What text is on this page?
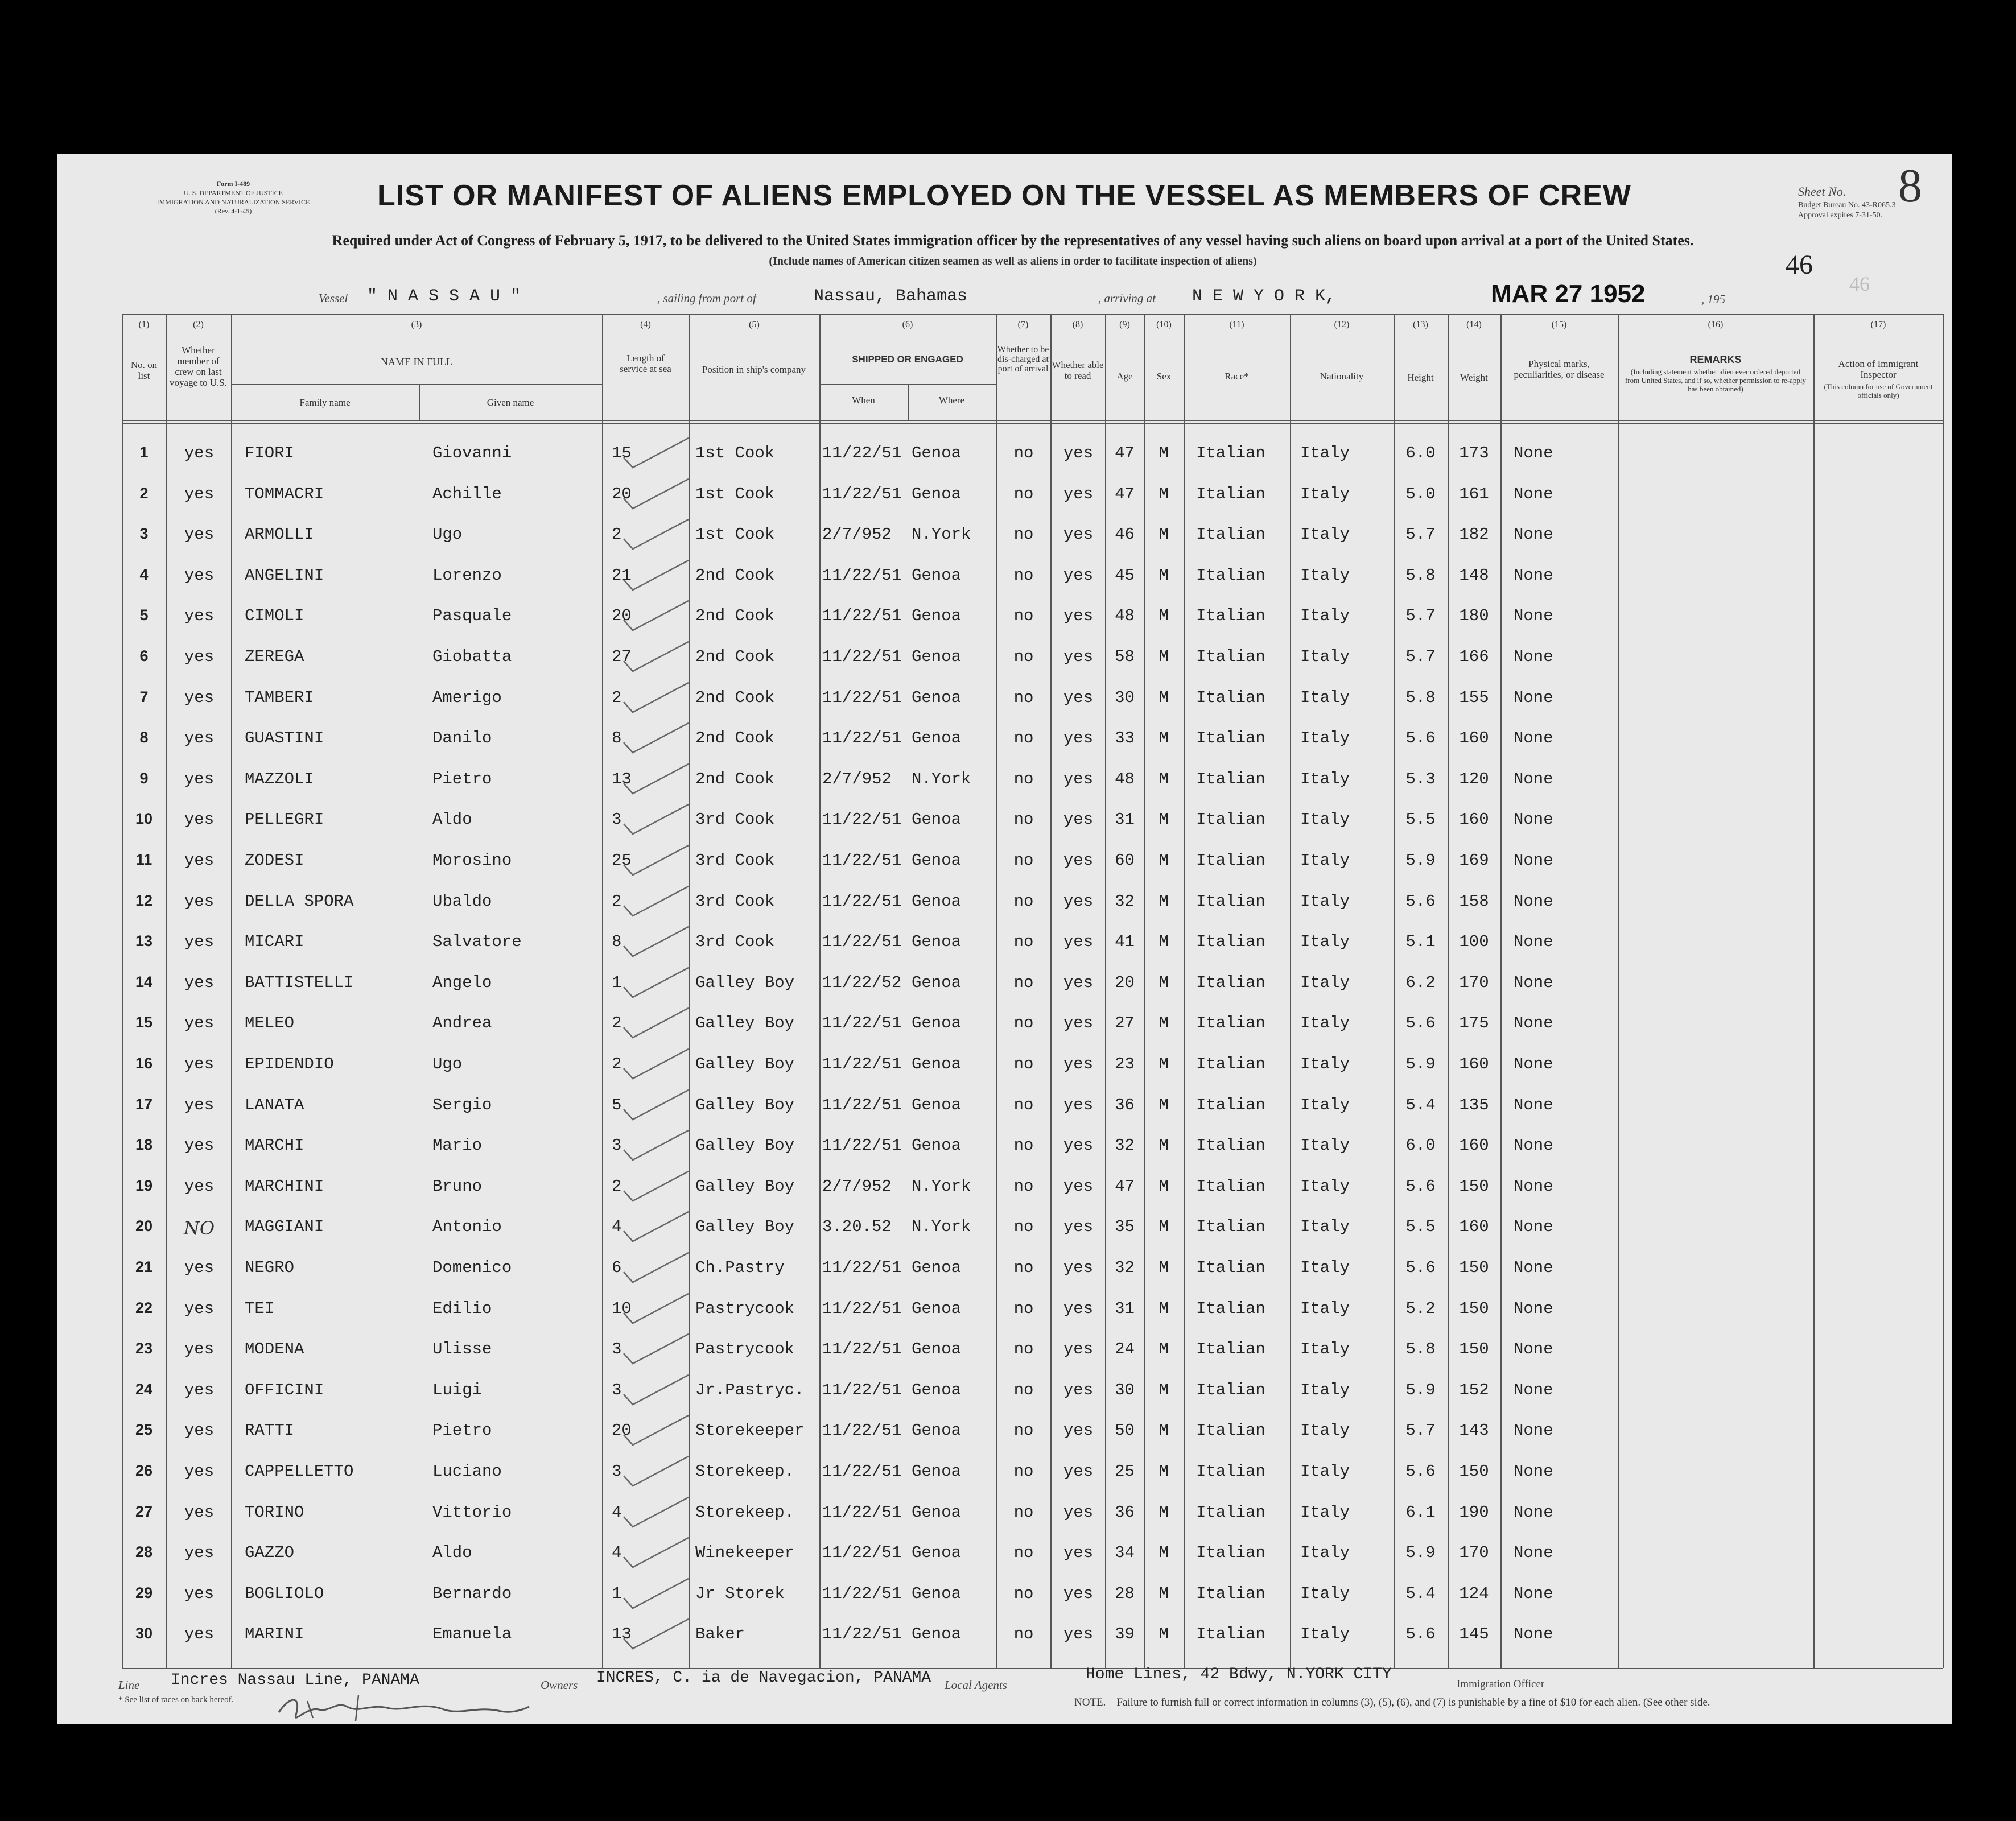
Form I-489
U. S. DEPARTMENT OF JUSTICE
IMMIGRATION AND NATURALIZATION SERVICE
(Rev. 4-1-45)	LIST OR MANIFEST OF ALIENS EMPLOYED ON THE VESSEL AS MEMBERS OF CREW
Required under Act of Congress of February 5, 1917, to be delivered to the United States immigration officer by the representatives of any vessel having such aliens on board upon arrival at a port of the United States.
(Include names of American citizen seamen as well as aliens in order to facilitate inspection of aliens)
Sheet No. 8
Budget Bureau No. 43-R065.3
Approval expires 7-31-50.
46
46
Vessel " N A S S A U "	, sailing from port of	Nassau, Bahamas	, arriving at N E W Y O R K,	MAR 27 1952	, 195
(1)	(2)	(3)	(4)	(5)	(6)	(7)	(8)	(9)	(10)	(11)	(12)	(13)	(14)	(15)	(16)	(17)
No. on list
Whether member of crew on last voyage to U.S.
NAME IN FULL
Family name	Given name
Length of service at sea	Position in ship's company
SHIPPED OR ENGAGED
When	Where
Whether to be dis-charged at port of arrival Whether able to read	Age	Sex	Race*	Nationality	Height	Weight
Physical marks, peculiarities, or disease
REMARKS
(Including statement whether alien ever ordered deported from United States, and if so, whether permission to re-apply has been obtained)
Action of Immigrant Inspector
(This column for use of Government officials only)
1	yes	FIORI	Giovanni	15	1st Cook	11/22/51 Genoa	no	yes	47	M	Italian	Italy	6.0	173	None
2	yes	TOMMACRI	Achille	20	1st Cook	11/22/51 Genoa	no	yes	47	M	Italian	Italy	5.0	161	None
3	yes	ARMOLLI	Ugo	2	1st Cook	2/7/952	N.York	no	yes	46	M	Italian	Italy	5.7	182	None
4	yes	ANGELINI	Lorenzo	21	2nd Cook	11/22/51 Genoa	no	yes	45	M	Italian	Italy	5.8	148	None
5	yes	CIMOLI	Pasquale	20	2nd Cook	11/22/51 Genoa	no	yes	48	M	Italian	Italy	5.7	180	None
6	yes	ZEREGA	Giobatta	27	2nd Cook	11/22/51 Genoa	no	yes	58	M	Italian	Italy	5.7	166	None
7	yes	TAMBERI	Amerigo	2	2nd Cook	11/22/51 Genoa	no	yes	30	M	Italian	Italy	5.8	155	None
8	yes	GUASTINI	Danilo	8	2nd Cook	11/22/51 Genoa	no	yes	33	M	Italian	Italy	5.6	160	None
9	yes	MAZZOLI	Pietro	13	2nd Cook	2/7/952	N.York	no	yes	48	M	Italian	Italy	5.3	120	None
10	yes	PELLEGRI	Aldo	3	3rd Cook	11/22/51 Genoa	no	yes	31	M	Italian	Italy	5.5	160	None
11	yes	ZODESI	Morosino	25	3rd Cook	11/22/51 Genoa	no	yes	60	M	Italian	Italy	5.9	169	None
12	yes	DELLA SPORA	Ubaldo	2	3rd Cook	11/22/51 Genoa	no	yes	32	M	Italian	Italy	5.6	158	None
13	yes	MICARI	Salvatore	8	3rd Cook	11/22/51 Genoa	no	yes	41	M	Italian	Italy	5.1	100	None
14	yes	BATTISTELLI	Angelo	1	Galley Boy	11/22/52 Genoa	no	yes	20	M	Italian	Italy	6.2	170	None
15	yes	MELEO	Andrea	2	Galley Boy	11/22/51 Genoa	no	yes	27	M	Italian	Italy	5.6	175	None
16	yes	EPIDENDIO	Ugo	2	Galley Boy	11/22/51 Genoa	no	yes	23	M	Italian	Italy	5.9	160	None
17	yes	LANATA	Sergio	5	Galley Boy	11/22/51 Genoa	no	yes	36	M	Italian	Italy	5.4	135	None
18	yes	MARCHI	Mario	3	Galley Boy	11/22/51 Genoa	no	yes	32	M	Italian	Italy	6.0	160	None
19	yes	MARCHINI	Bruno	2	Galley Boy	2/7/952	N.York	no	yes	47	M	Italian	Italy	5.6	150	None
20	NO	MAGGIANI	Antonio	4	Galley Boy	3.20.52	N.York	no	yes	35	M	Italian	Italy	5.5	160	None
21	yes	NEGRO	Domenico	6	Ch.Pastry	11/22/51 Genoa	no	yes	32	M	Italian	Italy	5.6	150	None
22	yes	TEI	Edilio	10	Pastrycook	11/22/51 Genoa	no	yes	31	M	Italian	Italy	5.2	150	None
23	yes	MODENA	Ulisse	3	Pastrycook	11/22/51 Genoa	no	yes	24	M	Italian	Italy	5.8	150	None
24	yes	OFFICINI	Luigi	3	Jr.Pastryc.	11/22/51 Genoa	no	yes	30	M	Italian	Italy	5.9	152	None
25	yes	RATTI	Pietro	20	Storekeeper	11/22/51 Genoa	no	yes	50	M	Italian	Italy	5.7	143	None
26	yes	CAPPELLETTO	Luciano	3	Storekeep.	11/22/51 Genoa	no	yes	25	M	Italian	Italy	5.6	150	None
27	yes	TORINO	Vittorio	4	Storekeep.	11/22/51 Genoa	no	yes	36	M	Italian	Italy	6.1	190	None
28	yes	GAZZO	Aldo	4	Winekeeper	11/22/51 Genoa	no	yes	34	M	Italian	Italy	5.9	170	None
29	yes	BOGLIOLO	Bernardo	1	Jr Storek	11/22/51 Genoa	no	yes	28	M	Italian	Italy	5.4	124	None
30	yes	MARINI	Emanuela	13	Baker	11/22/51 Genoa	no	yes	39	M	Italian	Italy	5.6	145	None
Line Incres Nassau Line, PANAMA	Owners INCRES, C. ia de Navegacion, PANAMA Local Agents
Home Lines, 42 Bdwy, N.YORK CITY
Immigration Officer
* See list of races on back hereof.	NOTE.—Failure to furnish full or correct information in columns (3), (5), (6), and (7) is punishable by a fine of $10 for each alien. (See other side.
